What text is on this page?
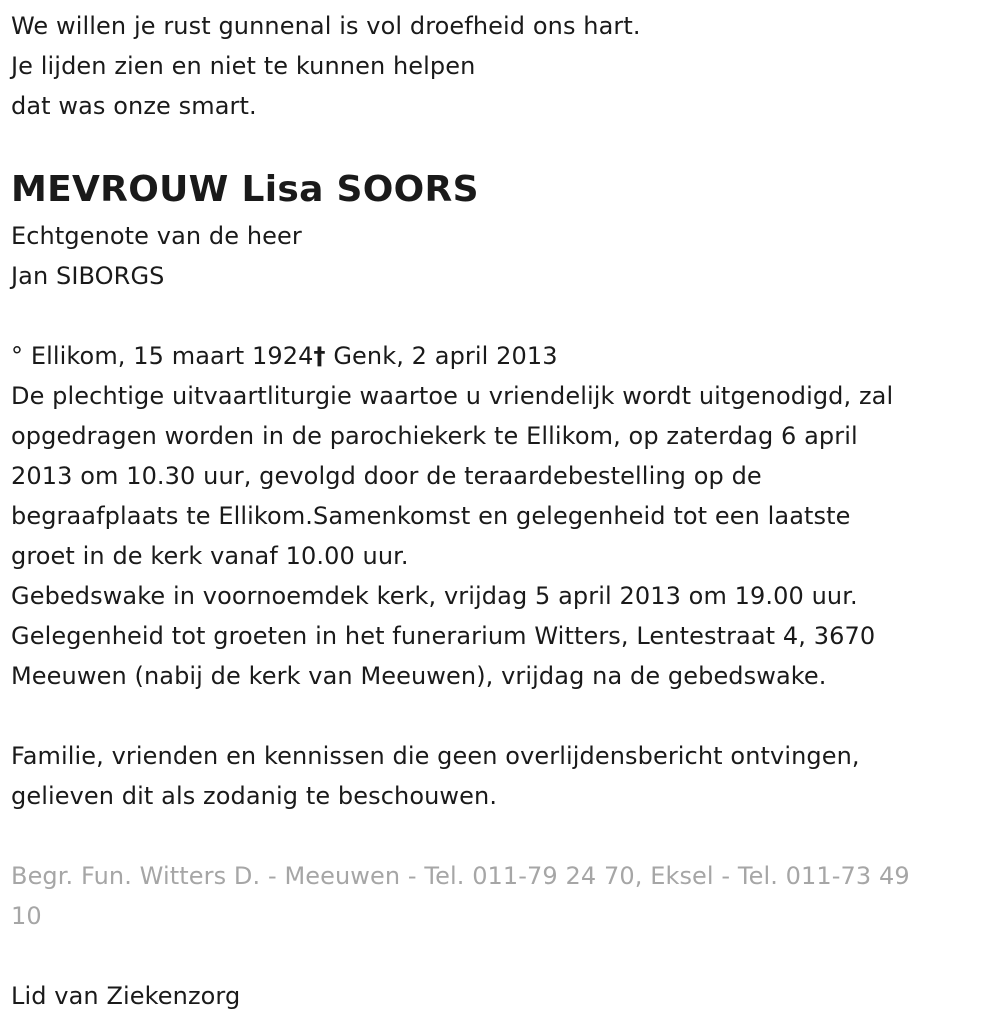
We willen je rust gunnenal is vol droefheid ons hart.
Je lijden zien en niet te kunnen helpen
dat was onze smart.
MEVROUW Lisa SOORS
Echtgenote van de heer
Jan SIBORGS
° Ellikom, 15 maart 1924† Genk, 2 april 2013
De plechtige uitvaartliturgie waartoe u vriendelijk wordt uitgenodigd, zal
opgedragen worden in de parochiekerk te Ellikom, op zaterdag 6 april
2013 om 10.30 uur, gevolgd door de teraardebestelling op de
begraafplaats te Ellikom.Samenkomst en gelegenheid tot een laatste
groet in de kerk vanaf 10.00 uur.
Gebedswake in voornoemdek kerk, vrijdag 5 april 2013 om 19.00 uur.
Gelegenheid tot groeten in het funerarium Witters, Lentestraat 4, 3670
Meeuwen (nabij de kerk van Meeuwen), vrijdag na de gebedswake.
Familie, vrienden en kennissen die geen overlijdensbericht ontvingen,
gelieven dit als zodanig te beschouwen.
Begr. Fun. Witters D. - Meeuwen - Tel. 011-79 24 70, Eksel - Tel. 011-73 49
10
Lid van Ziekenzorg
